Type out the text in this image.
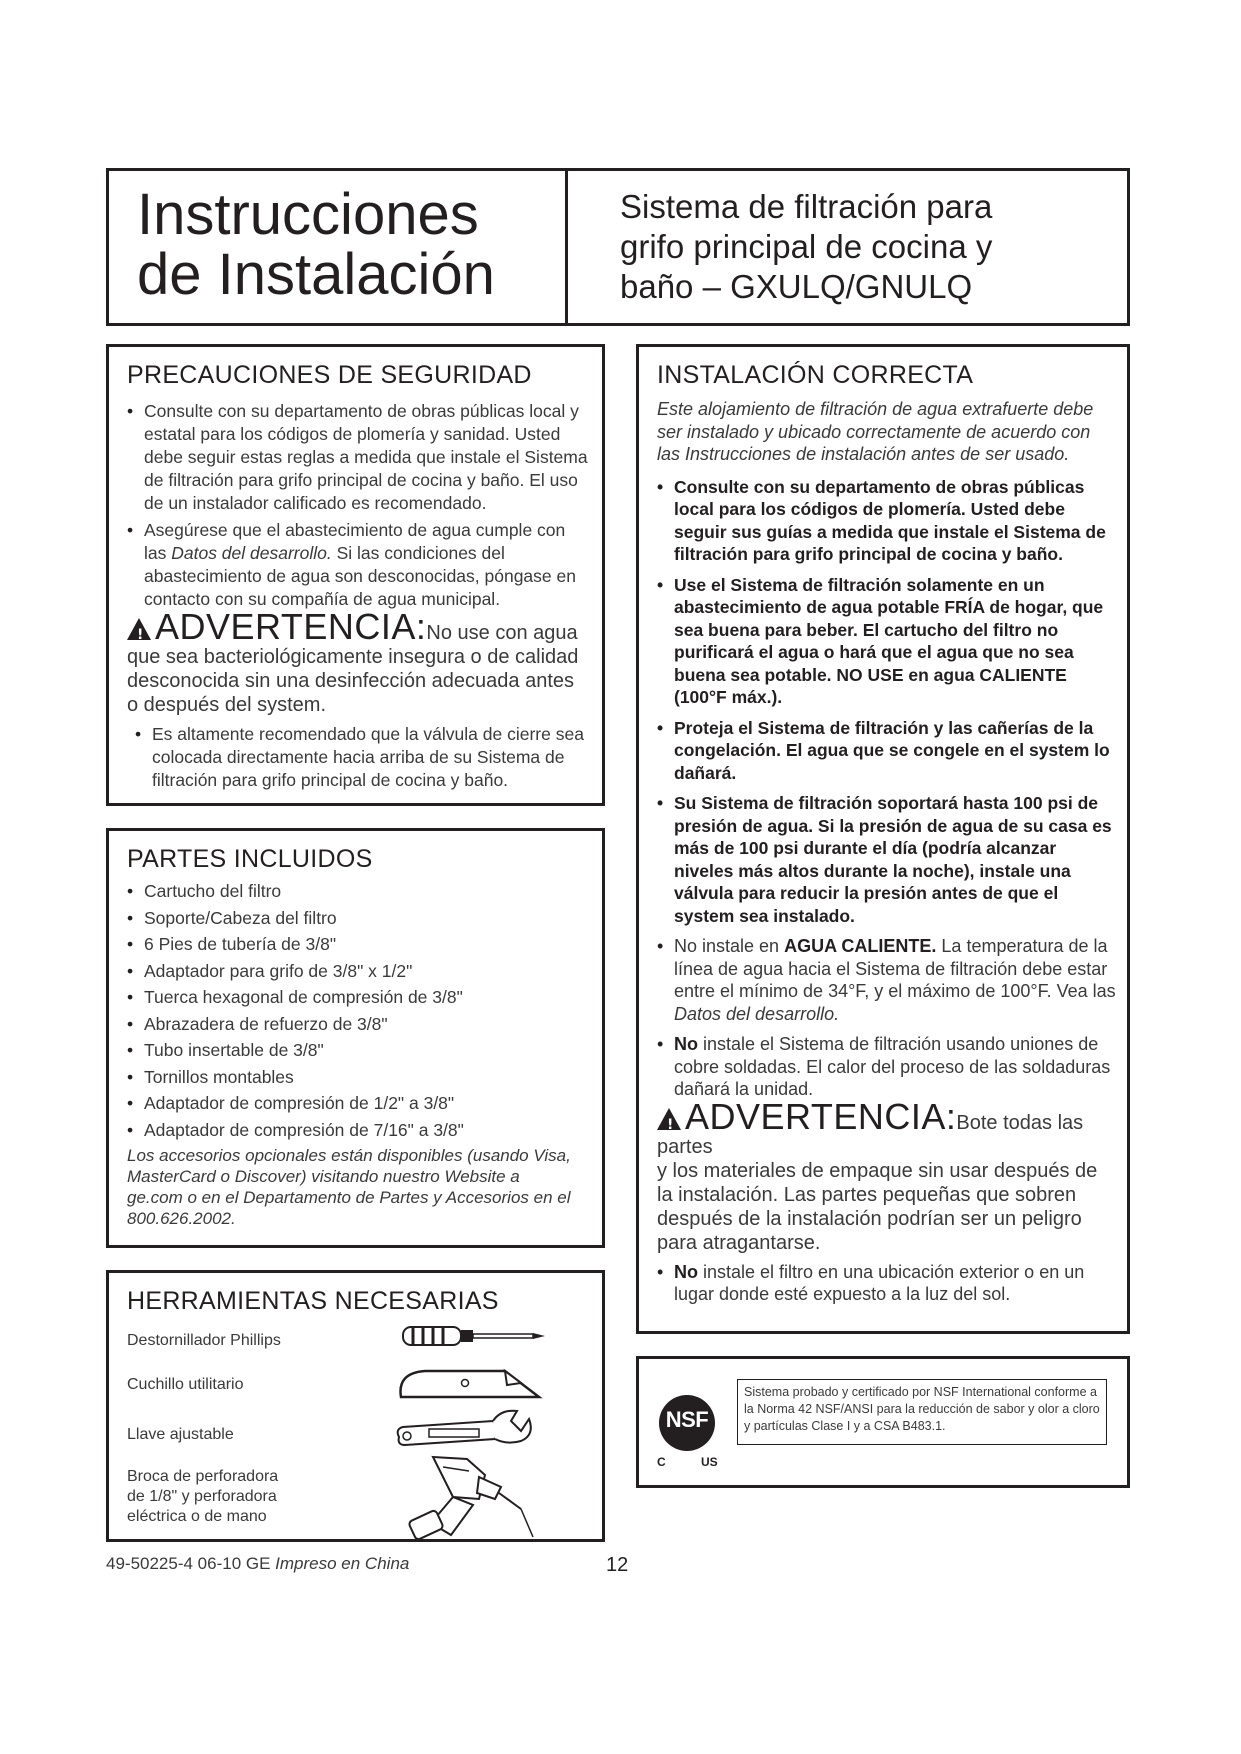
Instrucciones
de Instalación
Sistema de filtración para
grifo principal de cocina y
baño – GXULQ/GNULQ
PRECAUCIONES DE SEGURIDAD
• Consulte con su departamento de obras públicas local y estatal para los códigos de plomería y sanidad. Usted debe seguir estas reglas a medida que instale el Sistema de filtración para grifo principal de cocina y baño. El uso de un instalador calificado es recomendado.
• Asegúrese que el abastecimiento de agua cumple con las Datos del desarrollo. Si las condiciones del abastecimiento de agua son desconocidas, póngase en contacto con su compañía de agua municipal.
! ADVERTENCIA:No use con agua
que sea bacteriológicamente insegura o de calidad desconocida sin una desinfección adecuada antes o después del system.
• Es altamente recomendado que la válvula de cierre sea colocada directamente hacia arriba de su Sistema de filtración para grifo principal de cocina y baño.
PARTES INCLUIDOS
• Cartucho del filtro
• Soporte/Cabeza del filtro
• 6 Pies de tubería de 3/8"
• Adaptador para grifo de 3/8" x 1/2"
• Tuerca hexagonal de compresión de 3/8"
• Abrazadera de refuerzo de 3/8"
• Tubo insertable de 3/8"
• Tornillos montables
• Adaptador de compresión de 1/2" a 3/8"
• Adaptador de compresión de 7/16" a 3/8"
Los accesorios opcionales están disponibles (usando Visa, MasterCard o Discover) visitando nuestro Website a ge.com o en el Departamento de Partes y Accesorios en el 800.626.2002.
HERRAMIENTAS NECESARIAS
Destornillador Phillips
Cuchillo utilitario
Llave ajustable
Broca de perforadora
de 1/8" y perforadora
eléctrica o de mano
INSTALACIÓN CORRECTA
Este alojamiento de filtración de agua extrafuerte debe ser instalado y ubicado correctamente de acuerdo con las Instrucciones de instalación antes de ser usado.
• Consulte con su departamento de obras públicas local para los códigos de plomería. Usted debe seguir sus guías a medida que instale el Sistema de filtración para grifo principal de cocina y baño.
• Use el Sistema de filtración solamente en un abastecimiento de agua potable FRÍA de hogar, que sea buena para beber. El cartucho del filtro no purificará el agua o hará que el agua que no sea buena sea potable. NO USE en agua CALIENTE (100°F máx.).
• Proteja el Sistema de filtración y las cañerías de la congelación. El agua que se congele en el system lo dañará.
• Su Sistema de filtración soportará hasta 100 psi de presión de agua. Si la presión de agua de su casa es más de 100 psi durante el día (podría alcanzar niveles más altos durante la noche), instale una válvula para reducir la presión antes de que el system sea instalado.
• No instale en AGUA CALIENTE. La temperatura de la línea de agua hacia el Sistema de filtración debe estar entre el mínimo de 34°F, y el máximo de 100°F. Vea las Datos del desarrollo.
• No instale el Sistema de filtración usando uniones de cobre soldadas. El calor del proceso de las soldaduras dañará la unidad.
! ADVERTENCIA:Bote todas las partes
y los materiales de empaque sin usar después de la instalación. Las partes pequeñas que sobren después de la instalación podrían ser un peligro para atragantarse.
• No instale el filtro en una ubicación exterior o en un lugar donde esté expuesto a la luz del sol.
NSF
C	US
Sistema probado y certificado por NSF International conforme a la Norma 42 NSF/ANSI para la reducción de sabor y olor a cloro y partículas Clase I y a CSA B483.1.
49-50225-4 06-10 GE Impreso en China	12
